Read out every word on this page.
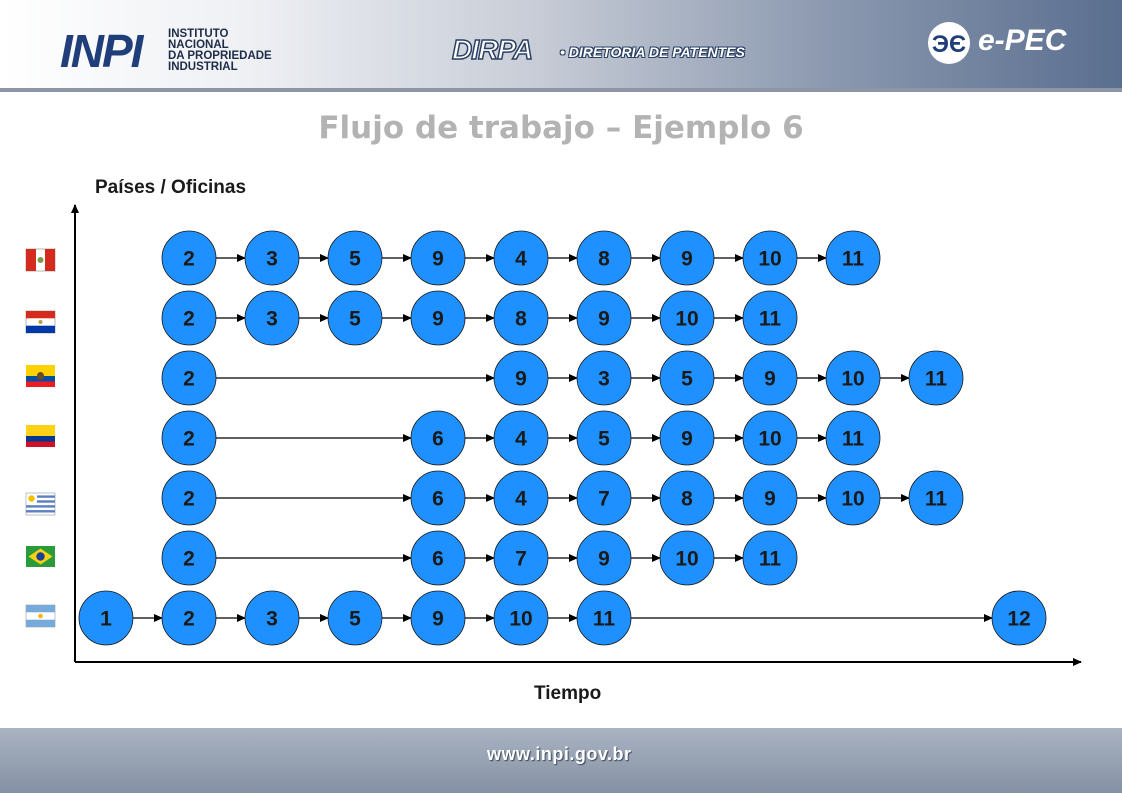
INPI INSTITUTO
NACIONAL
DA PROPRIEDADE
INDUSTRIAL
DIRPA • DIRETORIA DE PATENTES	ЭЄ e-PEC
Flujo de trabajo – Ejemplo 6
Países / Oficinas
Tiempo
2	3	5	9	4	8	9	10	11
2	3	5	9	8	9	10	11
2	9	3	5	9	10	11
2	6	4	5	9	10	11
2	6	4	7	8	9	10	11
2	6	7	9	10	11
1	2	3	5	9	10	11	12
www.inpi.gov.br
